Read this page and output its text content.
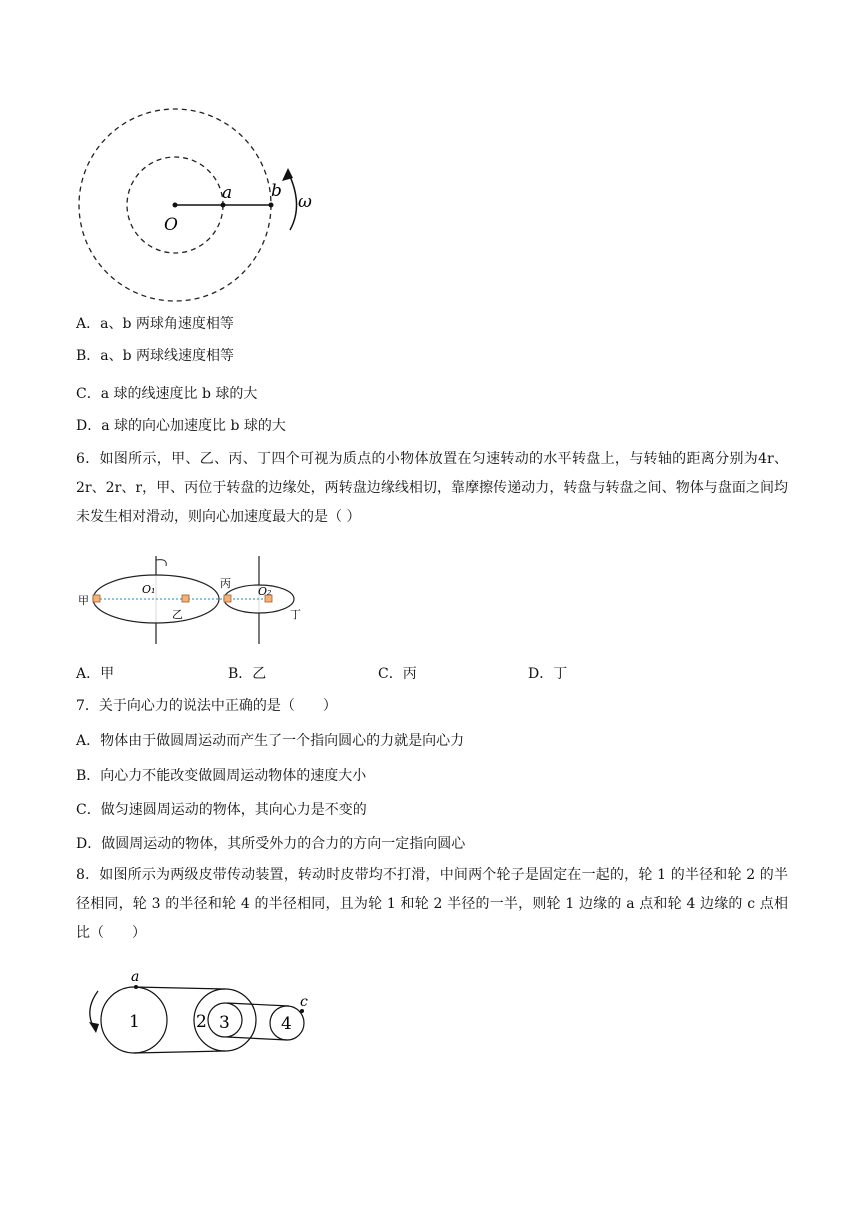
O
a b
ω
A．a、b 两球角速度相等
B．a、b 两球线速度相等
C．a 球的线速度比 b 球的大
D．a 球的向心加速度比 b 球的大
6．如图所示，甲、乙、丙、丁四个可视为质点的小物体放置在匀速转动的水平转盘上，与转轴的距离分别为4r、2r、2r、r，甲、丙位于转盘的边缘处，两转盘边缘线相切，靠摩擦传递动力，转盘与转盘之间、物体与盘面之间均未发生相对滑动，则向心加速度最大的是（ ）
甲
乙
丙
丁
O₁	O₂
A．甲	B．乙	C．丙	D．丁
7．关于向心力的说法中正确的是（　　）
A．物体由于做圆周运动而产生了一个指向圆心的力就是向心力
B．向心力不能改变做圆周运动物体的速度大小
C．做匀速圆周运动的物体，其向心力是不变的
D．做圆周运动的物体，其所受外力的合力的方向一定指向圆心
8．如图所示为两级皮带传动装置，转动时皮带均不打滑，中间两个轮子是固定在一起的，轮 1 的半径和轮 2 的半径相同，轮 3 的半径和轮 4 的半径相同，且为轮 1 和轮 2 半径的一半，则轮 1 边缘的 a 点和轮 4 边缘的 c 点相比（　　）
1	2 3	4
a
c
